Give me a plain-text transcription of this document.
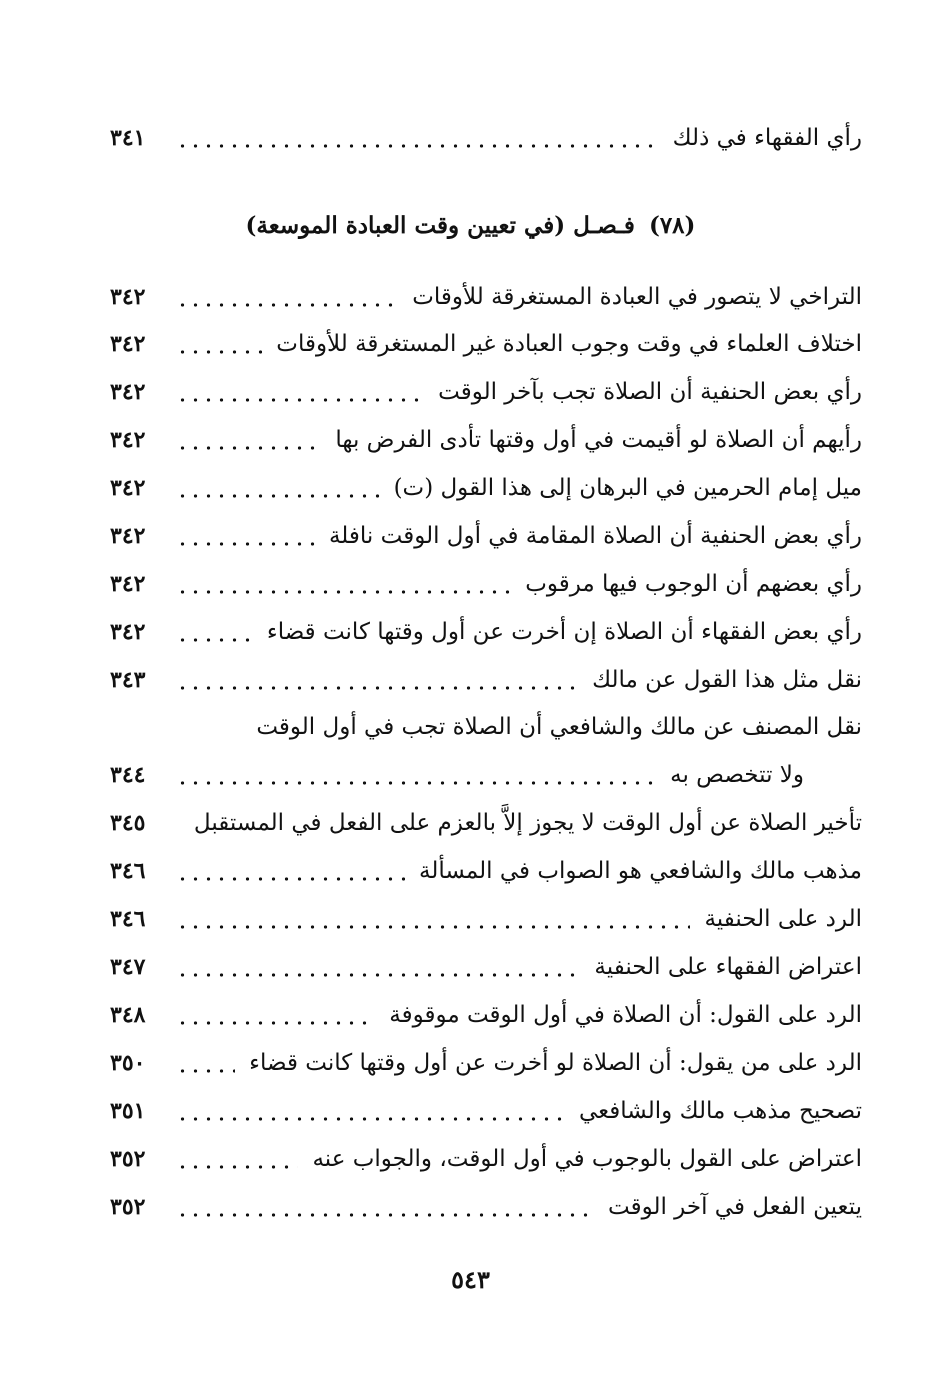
رأي الفقهاء في ذلك
٣٤١
(٧٨)فـصـل (في تعيين وقت العبادة الموسعة)
التراخي لا يتصور في العبادة المستغرقة للأوقات
٣٤٢
اختلاف العلماء في وقت وجوب العبادة غير المستغرقة للأوقات
٣٤٢
رأي بعض الحنفية أن الصلاة تجب بآخر الوقت
٣٤٢
رأيهم أن الصلاة لو أقيمت في أول وقتها تأدى الفرض بها
٣٤٢
ميل إمام الحرمين في البرهان إلى هذا القول (ت)
٣٤٢
رأي بعض الحنفية أن الصلاة المقامة في أول الوقت نافلة
٣٤٢
رأي بعضهم أن الوجوب فيها مرقوب
٣٤٢
رأي بعض الفقهاء أن الصلاة إن أخرت عن أول وقتها كانت قضاء
٣٤٢
نقل مثل هذا القول عن مالك
٣٤٣
نقل المصنف عن مالك والشافعي أن الصلاة تجب في أول الوقت
ولا تتخصص به
٣٤٤
تأخير الصلاة عن أول الوقت لا يجوز إلاَّ بالعزم على الفعل في المستقبل
٣٤٥
مذهب مالك والشافعي هو الصواب في المسألة
٣٤٦
الرد على الحنفية
٣٤٦
اعتراض الفقهاء على الحنفية
٣٤٧
الرد على القول: أن الصلاة في أول الوقت موقوفة
٣٤٨
الرد على من يقول: أن الصلاة لو أخرت عن أول وقتها كانت قضاء
٣٥٠
تصحيح مذهب مالك والشافعي
٣٥١
اعتراض على القول بالوجوب في أول الوقت، والجواب عنه
٣٥٢
يتعين الفعل في آخر الوقت
٣٥٢
٥٤٣
